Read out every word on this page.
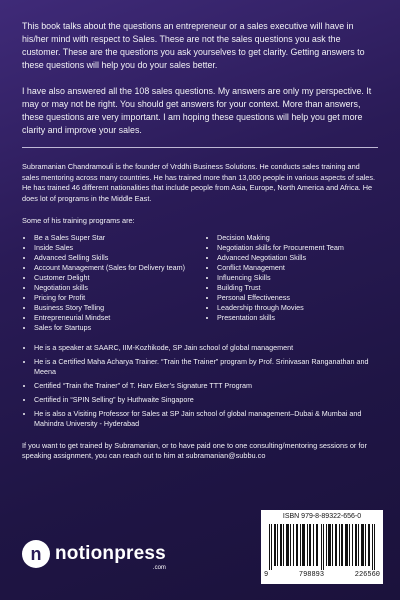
This book talks about the questions an entrepreneur or a sales executive will have in his/her mind with respect to Sales. These are not the sales questions you ask the customer. These are the questions you ask yourselves to get clarity. Getting answers to these questions will help you do your sales better.

I have also answered all the 108 sales questions. My answers are only my perspective. It may or may not be right. You should get answers for your context. More than answers, these questions are very important. I am hoping these questions will help you get more clarity and improve your sales.

Subramanian Chandramouli is the founder of Vrddhi Business Solutions. He conducts sales training and sales mentoring across many countries. He has trained more than 13,000 people in various aspects of sales. He has trained 46 different nationalities that include people from Asia, Europe, North America and Africa. He does lot of programs in the Middle East.

Some of his training programs are:

• Be a Sales Super Star
• Inside Sales
• Advanced Selling Skills
• Account Management (Sales for Delivery team)
• Customer Delight
• Negotiation skills
• Pricing for Profit
• Business Story Telling
• Entrepreneurial Mindset
• Sales for Startups
• Decision Making
• Negotiation skills for Procurement Team
• Advanced Negotiation Skills
• Conflict Management
• Influencing Skills
• Building Trust
• Personal Effectiveness
• Leadership through Movies
• Presentation skills
• He is a speaker at SAARC, IIM-Kozhikode, SP Jain school of global management
• He is a Certified Maha Acharya Trainer. “Train the Trainer” program by Prof. Srinivasan Ranganathan and Meena
• Certified “Train the Trainer” of T. Harv Eker’s Signature TTT Program
• Certified in “SPIN Selling” by Huthwaite Singapore
• He is also a Visiting Professor for Sales at SP Jain school of global management–Dubai & Mumbai and Mahindra University - Hyderabad

If you want to get trained by Subramanian, or to have paid one to one consulting/mentoring sessions or for speaking assignment, you can reach out to him at subramanian@subbu.co

n notionpress
.com
ISBN 979-8-89322-656-0
9	798893	226560
